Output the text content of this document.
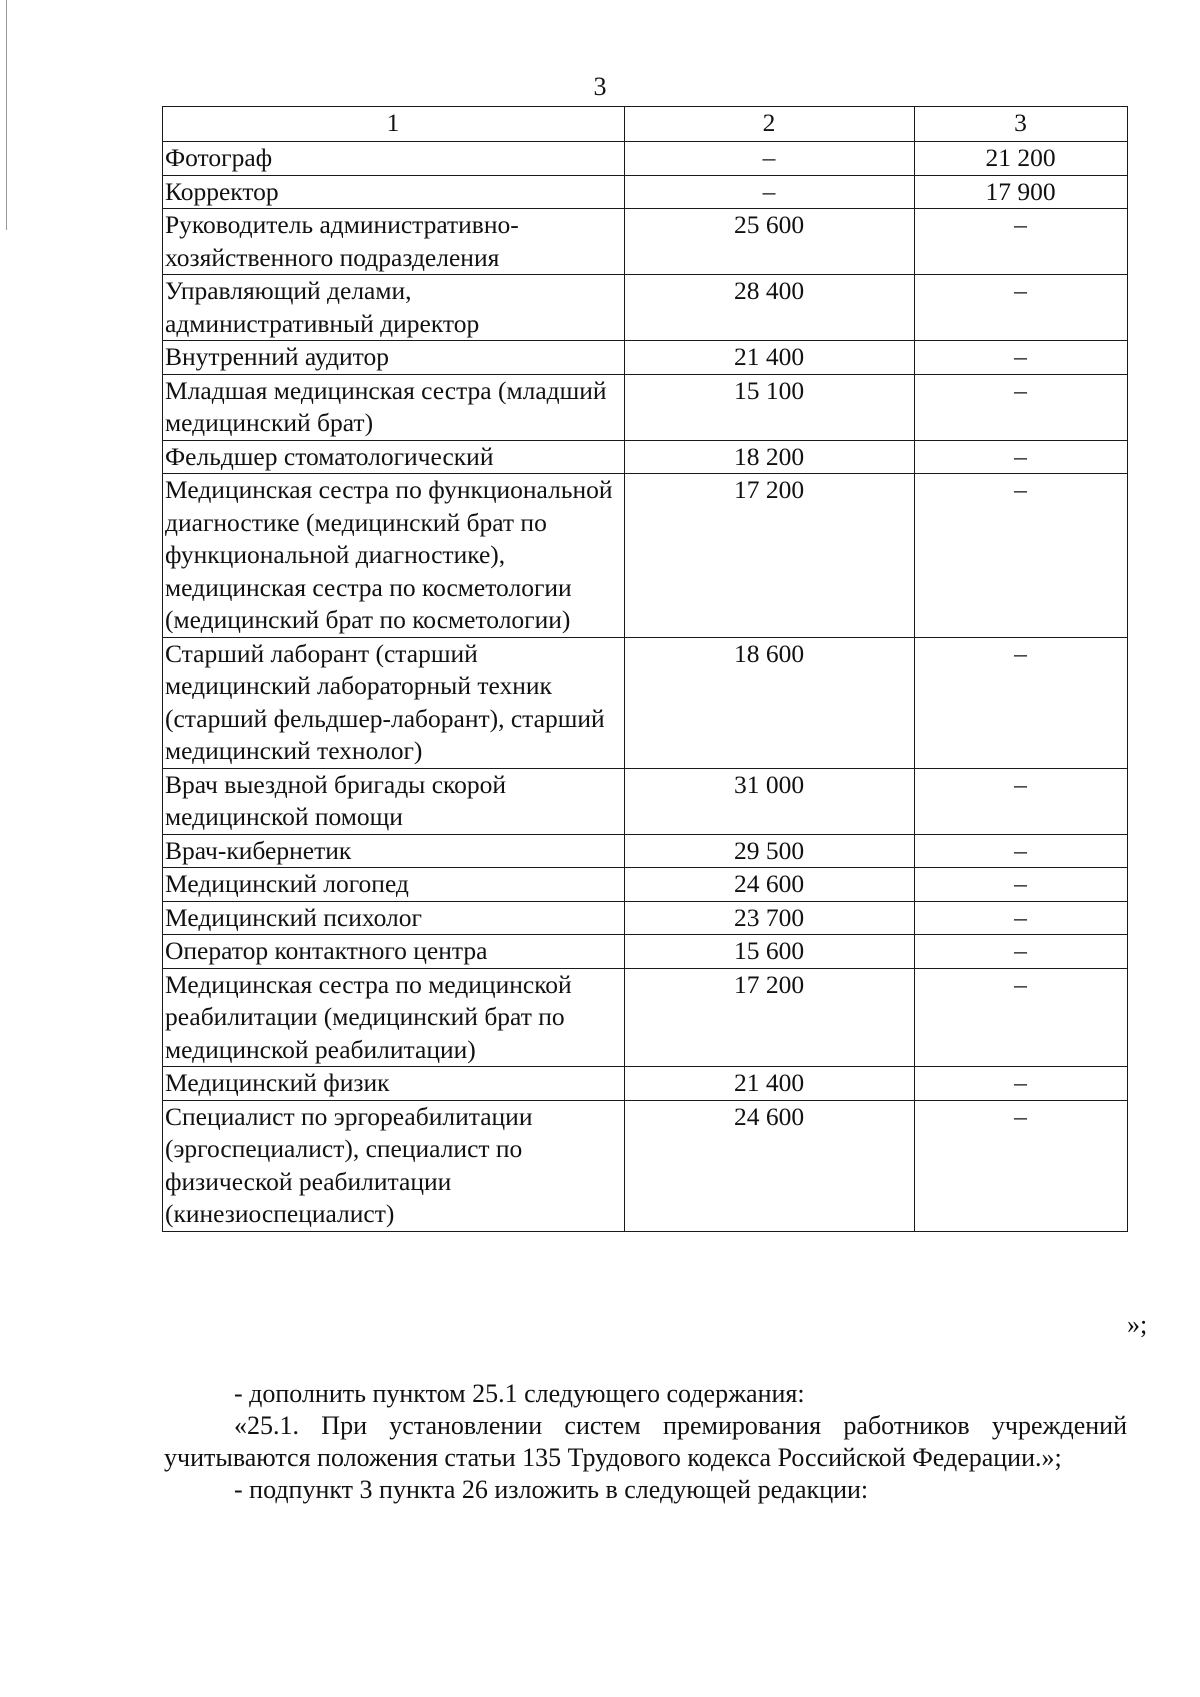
3
1	2	3
Фотограф	–	21 200
Корректор	–	17 900
Руководитель административно-хозяйственного подразделения	25 600	–
Управляющий делами, административный директор	28 400	–
Внутренний аудитор	21 400	–
Младшая медицинская сестра (младший медицинский брат)	15 100	–
Фельдшер стоматологический	18 200	–
Медицинская сестра по функциональной диагностике (медицинский брат по функциональной диагностике), медицинская сестра по косметологии (медицинский брат по косметологии)	17 200	–
Старший лаборант (старший медицинский лабораторный техник (старший фельдшер-лаборант), старший медицинский технолог)	18 600	–
Врач выездной бригады скорой медицинской помощи	31 000	–
Врач-кибернетик	29 500	–
Медицинский логопед	24 600	–
Медицинский психолог	23 700	–
Оператор контактного центра	15 600	–
Медицинская сестра по медицинской реабилитации (медицинский брат по медицинской реабилитации)	17 200	–
Медицинский физик	21 400	–
Специалист по эргореабилитации (эргоспециалист), специалист по физической реабилитации (кинезиоспециалист)	24 600	–
»;

- дополнить пунктом 25.1 следующего содержания:

«25.1. При установлении систем премирования работников учреждений учитываются положения статьи 135 Трудового кодекса Российской Федерации.»;

- подпункт 3 пункта 26 изложить в следующей редакции:
